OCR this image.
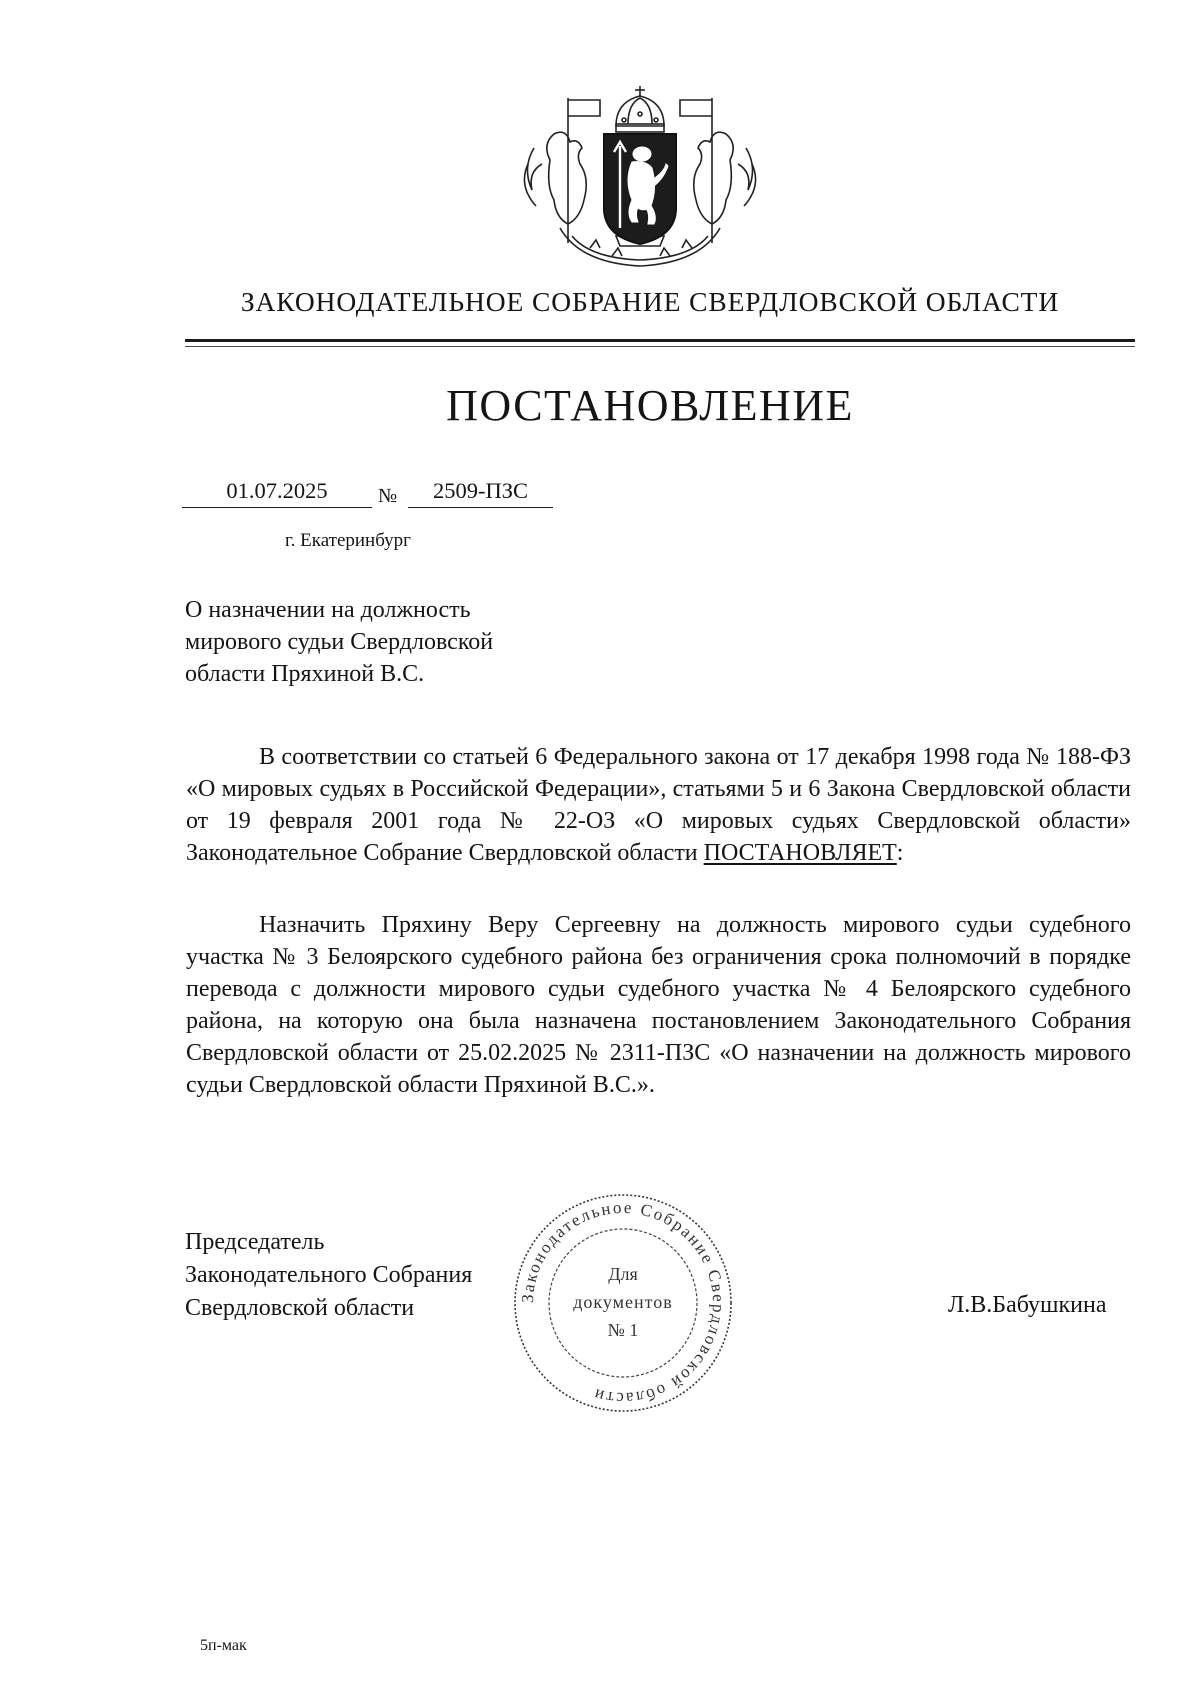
ЗАКОНОДАТЕЛЬНОЕ СОБРАНИЕ СВЕРДЛОВСКОЙ ОБЛАСТИ
ПОСТАНОВЛЕНИЕ
01.07.2025	№	2509-ПЗС
г. Екатеринбург
О назначении на должность
мирового судьи Свердловской
области Пряхиной В.С.

В соответствии со статьей 6 Федерального закона от 17 декабря 1998 года № 188-ФЗ «О мировых судьях в Российской Федерации», статьями 5 и 6 Закона Свердловской области от 19 февраля 2001 года № 22-ОЗ «О мировых судьях Свердловской области» Законодательное Собрание Свердловской области ПОСТАНОВЛЯЕТ:

Назначить Пряхину Веру Сергеевну на должность мирового судьи судебного участка № 3 Белоярского судебного района без ограничения срока полномочий в порядке перевода с должности мирового судьи судебного участка № 4 Белоярского судебного района, на которую она была назначена постановлением Законодательного Собрания Свердловской области от 25.02.2025 № 2311-ПЗС «О назначении на должность мирового судьи Свердловской области Пряхиной В.С.».

Председатель
Законодательного Собрания
Свердловской области	Законодательное Собрание Свердловской области
Для
документов
№ 1
Л.В.Бабушкина
5п-мак
